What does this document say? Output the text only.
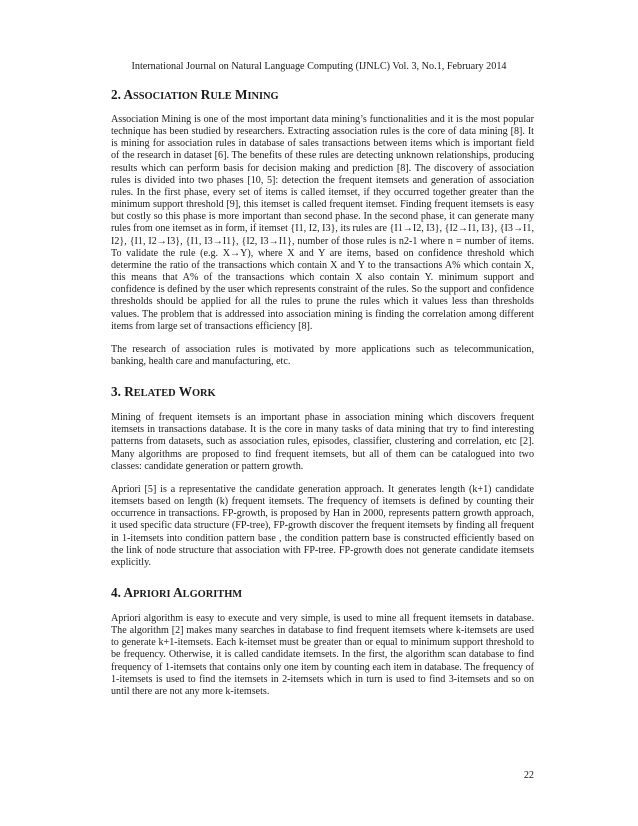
International Journal on Natural Language Computing (IJNLC) Vol. 3, No.1, February 2014
2. ASSOCIATION RULE MINING

Association Mining is one of the most important data mining’s functionalities and it is the most popular technique has been studied by researchers. Extracting association rules is the core of data mining [8]. It is mining for association rules in database of sales transactions between items which is important field of the research in dataset [6]. The benefits of these rules are detecting unknown relationships, producing results which can perform basis for decision making and prediction [8]. The discovery of association rules is divided into two phases [10, 5]: detection the frequent itemsets and generation of association rules. In the first phase, every set of items is called itemset, if they occurred together greater than the minimum support threshold [9], this itemset is called frequent itemset. Finding frequent itemsets is easy but costly so this phase is more important than second phase. In the second phase, it can generate many rules from one itemset as in form, if itemset {I1, I2, I3}, its rules are {I1→I2, I3}, {I2→I1, I3}, {I3→I1, I2}, {I1, I2→I3}, {I1, I3→I1}, {I2, I3→I1}, number of those rules is n2-1 where n = number of items. To validate the rule (e.g. X→Y), where X and Y are items, based on confidence threshold which determine the ratio of the transactions which contain X and Y to the transactions A% which contain X, this means that A% of the transactions which contain X also contain Y. minimum support and confidence is defined by the user which represents constraint of the rules. So the support and confidence thresholds should be applied for all the rules to prune the rules which it values less than thresholds values. The problem that is addressed into association mining is finding the correlation among different items from large set of transactions efficiency [8].

The research of association rules is motivated by more applications such as telecommunication, banking, health care and manufacturing, etc.

3. RELATED WORK

Mining of frequent itemsets is an important phase in association mining which discovers frequent itemsets in transactions database. It is the core in many tasks of data mining that try to find interesting patterns from datasets, such as association rules, episodes, classifier, clustering and correlation, etc [2]. Many algorithms are proposed to find frequent itemsets, but all of them can be catalogued into two classes: candidate generation or pattern growth.

Apriori [5] is a representative the candidate generation approach. It generates length (k+1) candidate itemsets based on length (k) frequent itemsets. The frequency of itemsets is defined by counting their occurrence in transactions. FP-growth, is proposed by Han in 2000, represents pattern growth approach, it used specific data structure (FP-tree), FP-growth discover the frequent itemsets by finding all frequent in 1-itemsets into condition pattern base , the condition pattern base is constructed efficiently based on the link of node structure that association with FP-tree. FP-growth does not generate candidate itemsets explicitly.

4. APRIORI ALGORITHM

Apriori algorithm is easy to execute and very simple, is used to mine all frequent itemsets in database. The algorithm [2] makes many searches in database to find frequent itemsets where k-itemsets are used to generate k+1-itemsets. Each k-itemset must be greater than or equal to minimum support threshold to be frequency. Otherwise, it is called candidate itemsets. In the first, the algorithm scan database to find frequency of 1-itemsets that contains only one item by counting each item in database. The frequency of 1-itemsets is used to find the itemsets in 2-itemsets which in turn is used to find 3-itemsets and so on until there are not any more k-itemsets.

22
